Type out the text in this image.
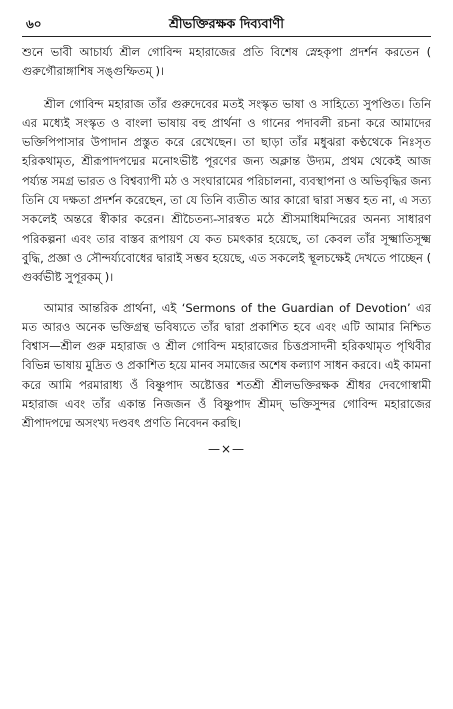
৬০	শ্রীভক্তিরক্ষক দিব্যবাণী

শুনে ভাবী আচার্য্য শ্রীল গোবিন্দ মহারাজের প্রতি বিশেষ স্নেহকৃপা প্রদর্শন করতেন ( গুরুগৌরাঙ্গাশিষ সঙ্গুম্ফিতম্ )।

শ্রীল গোবিন্দ মহারাজ তাঁর গুরুদেবের মতই সংস্কৃত ভাষা ও সাহিত্যে সুপণ্ডিত। তিনি এর মধ্যেই সংস্কৃত ও বাংলা ভাষায় বহু প্রার্থনা ও গানের পদাবলী রচনা করে আমাদের ভক্তিপিপাসার উপাদান প্রস্তুত করে রেখেছেন। তা ছাড়া তাঁর মধুঝরা কণ্ঠথেকে নিঃসৃত হরিকথামৃত, শ্রীরূপাদপদ্মের মনোঽভীষ্ট পূরণের জন্য অক্লান্ত উদ্যম, প্রথম থেকেই আজ পর্য্যন্ত সমগ্র ভারত ও বিশ্বব্যাপী মঠ ও সংঘারামের পরিচালনা, ব্যবস্থাপনা ও অভিবৃদ্ধির জন্য তিনি যে দক্ষতা প্রদর্শন করেছেন, তা যে তিনি ব্যতীত আর কারো দ্বারা সম্ভব হত না, এ সত্য সকলেই অন্তরে স্বীকার করেন। শ্রীচৈতন্য-সারস্বত মঠে শ্রীসমাধিমন্দিরের অনন্য সাধারণ পরিকল্পনা এবং তার বাস্তব রূপায়ণ যে কত চমৎকার হয়েছে, তা কেবল তাঁর সূক্ষ্মাতিসূক্ষ্ম বুদ্ধি, প্রজ্ঞা ও সৌন্দর্য্যবোধের দ্বারাই সম্ভব হয়েছে, এত সকলেই স্থূলচক্ষেই দেখতে পাচ্ছেন ( গুর্ব্বভীষ্ট সুপূরকম্ )।

আমার আন্তরিক প্রার্থনা, এই ‘Sermons of the Guardian of Devotion’ এর মত আরও অনেক ভক্তিগ্রন্থ ভবিষ্যতে তাঁর দ্বারা প্রকাশিত হবে এবং এটি আমার নিশ্চিত বিশ্বাস—শ্রীল গুরু মহারাজ ও শ্রীল গোবিন্দ মহারাজের চিত্তপ্রসাদনী হরিকথামৃত পৃথিবীর বিভিন্ন ভাষায় মুদ্রিত ও প্রকাশিত হয়ে মানব সমাজের অশেষ কল্যাণ সাধন করবে। এই কামনা করে আমি পরমারাধ্য ওঁ বিষ্ণুপাদ অষ্টোত্তর শতশ্রী শ্রীলভক্তিরক্ষক শ্রীধর দেবগোস্বামী মহারাজ এবং তাঁর একান্ত নিজজন ওঁ বিষ্ণুপাদ শ্রীমদ্ ভক্তিসুন্দর গোবিন্দ মহারাজের শ্রীপাদপদ্মে অসংখ্য দণ্ডবৎ প্রণতি নিবেদন করছি।

—×—
